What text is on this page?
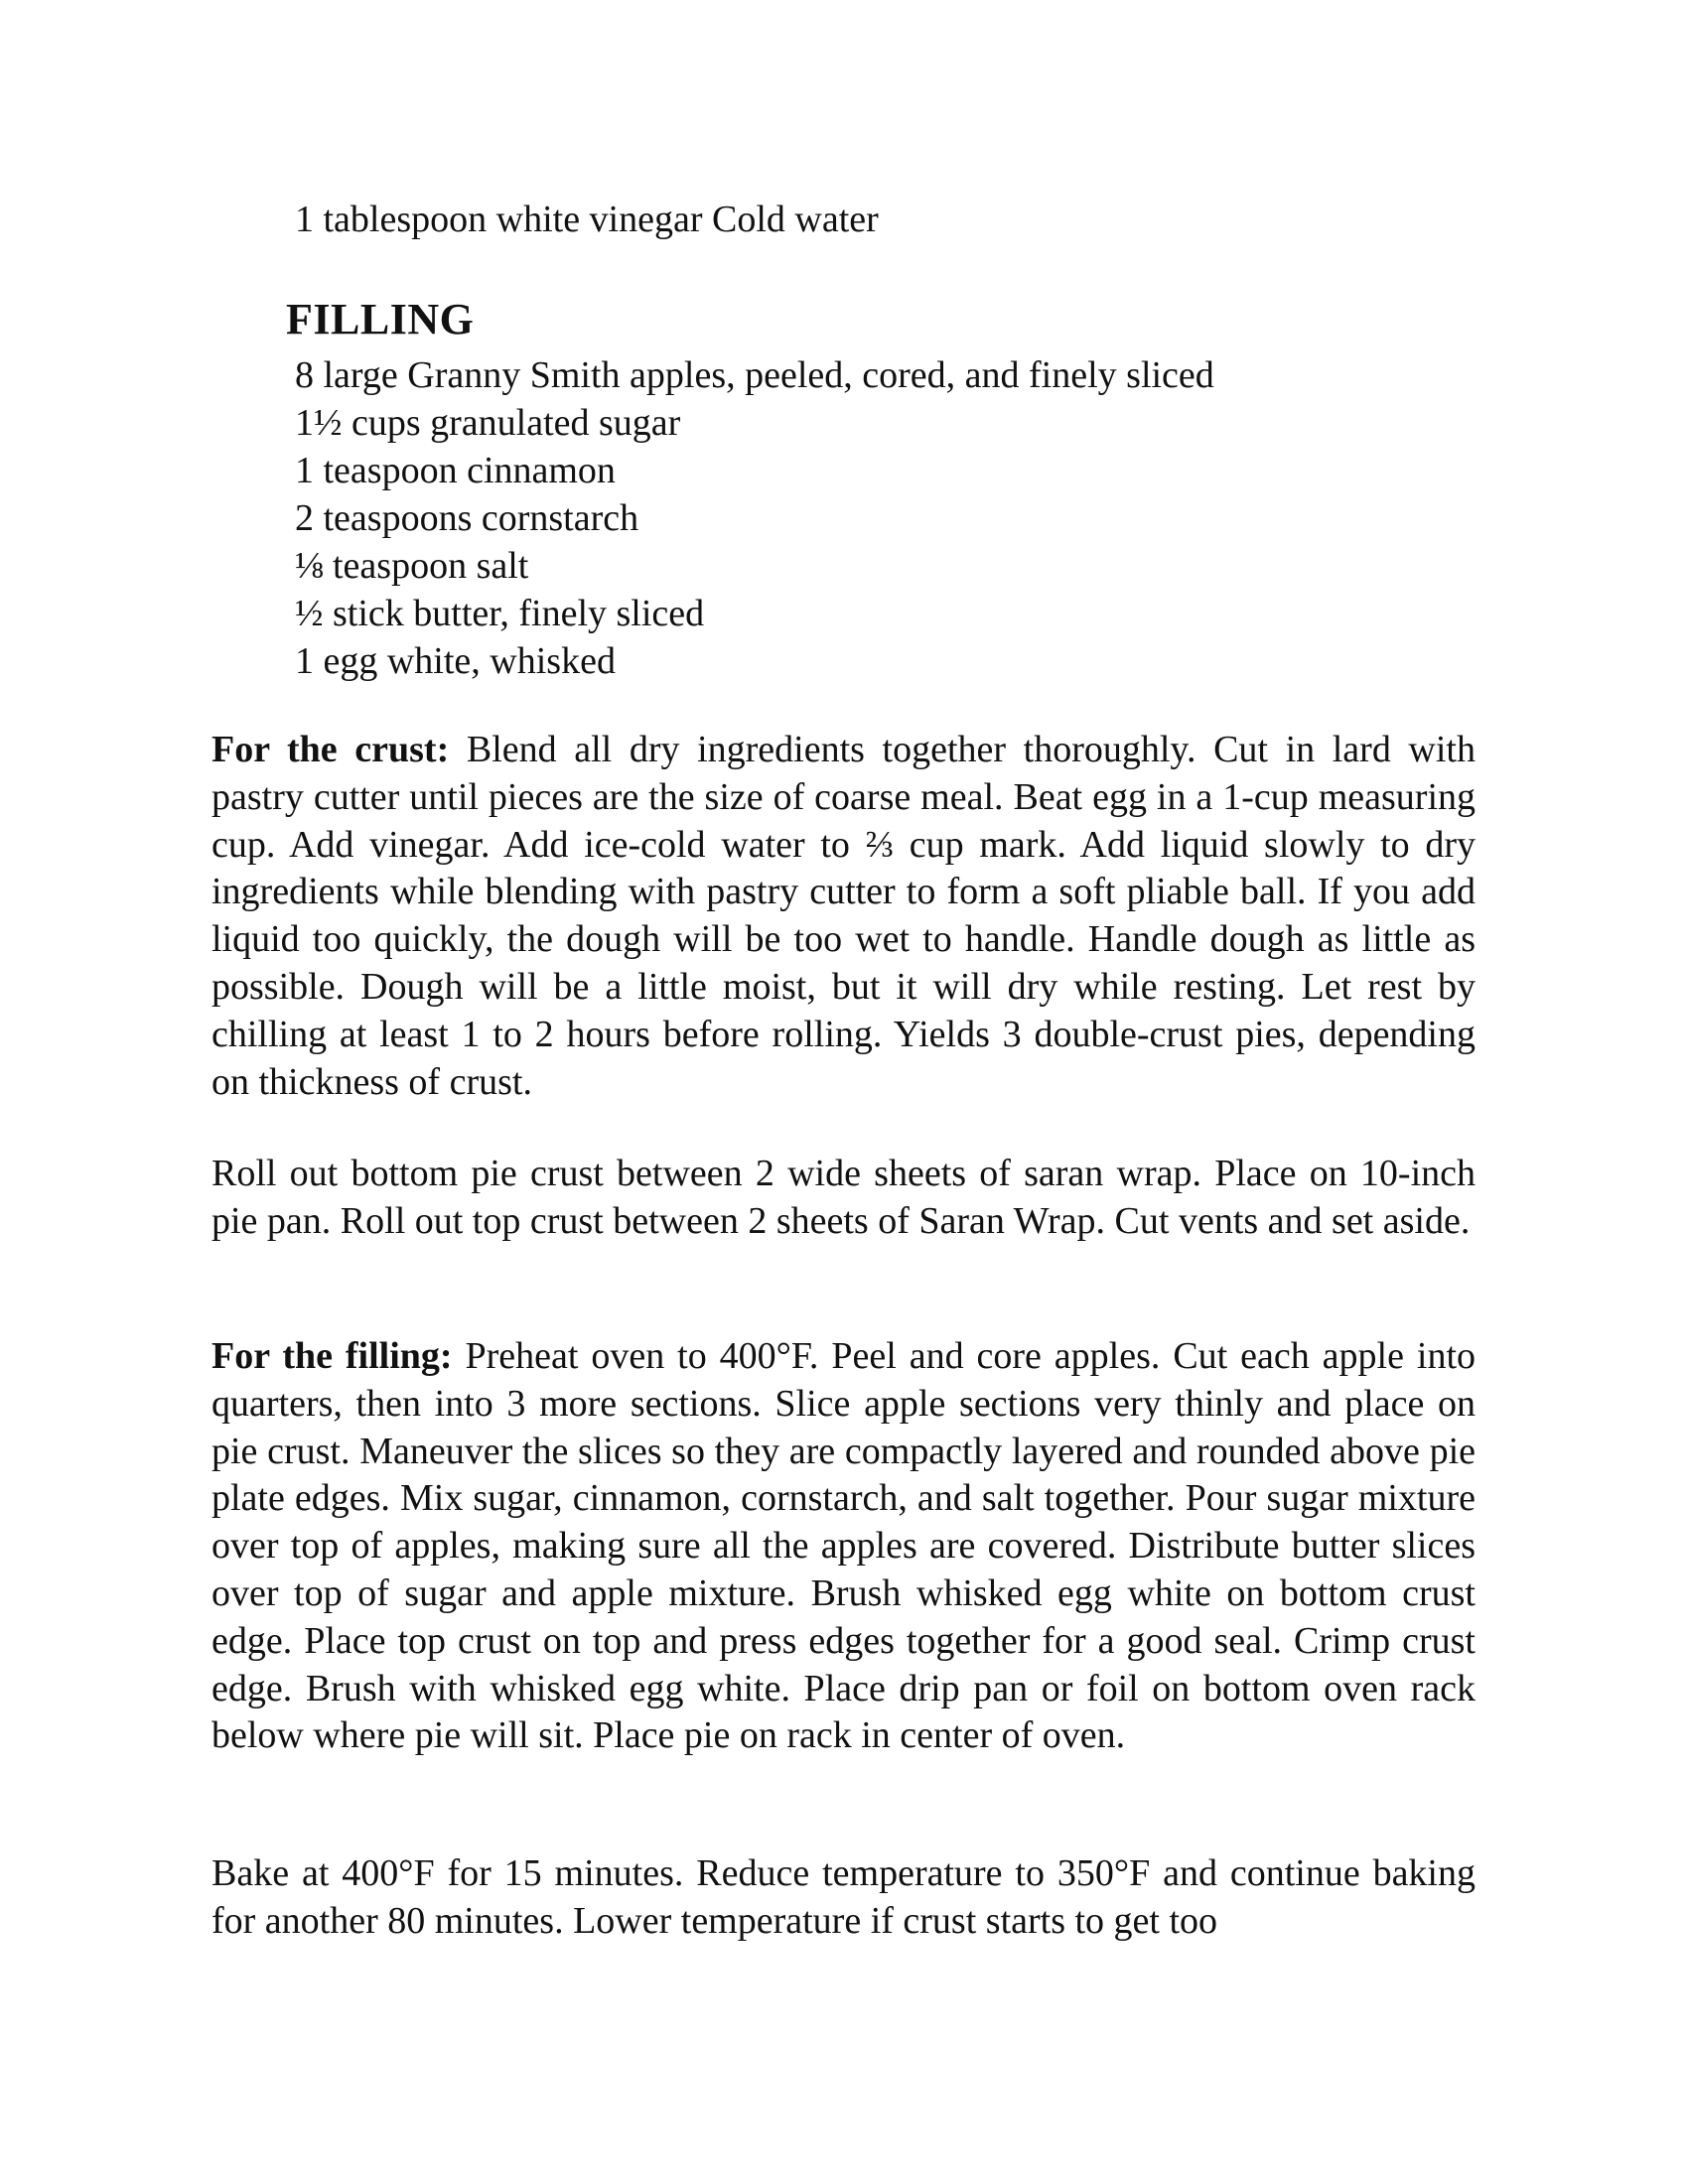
1 tablespoon white vinegar Cold water
FILLING
8 large Granny Smith apples, peeled, cored, and finely sliced
1½ cups granulated sugar
1 teaspoon cinnamon
2 teaspoons cornstarch
⅛ teaspoon salt
½ stick butter, finely sliced
1 egg white, whisked

For the crust: Blend all dry ingredients together thoroughly. Cut in lard with pastry cutter until pieces are the size of coarse meal. Beat egg in a 1-cup measuring cup. Add vinegar. Add ice-cold water to ⅔ cup mark. Add liquid slowly to dry ingredients while blending with pastry cutter to form a soft pliable ball. If you add liquid too quickly, the dough will be too wet to handle. Handle dough as little as possible. Dough will be a little moist, but it will dry while resting. Let rest by chilling at least 1 to 2 hours before rolling. Yields 3 double-crust pies, depending on thickness of crust.

Roll out bottom pie crust between 2 wide sheets of saran wrap. Place on 10-inch pie pan. Roll out top crust between 2 sheets of Saran Wrap. Cut vents and set aside.

For the filling: Preheat oven to 400°F. Peel and core apples. Cut each apple into quarters, then into 3 more sections. Slice apple sections very thinly and place on pie crust. Maneuver the slices so they are compactly layered and rounded above pie plate edges. Mix sugar, cinnamon, cornstarch, and salt together. Pour sugar mixture over top of apples, making sure all the apples are covered. Distribute butter slices over top of sugar and apple mixture. Brush whisked egg white on bottom crust edge. Place top crust on top and press edges together for a good seal. Crimp crust edge. Brush with whisked egg white. Place drip pan or foil on bottom oven rack below where pie will sit. Place pie on rack in center of oven.

Bake at 400°F for 15 minutes. Reduce temperature to 350°F and continue baking for another 80 minutes. Lower temperature if crust starts to get too
